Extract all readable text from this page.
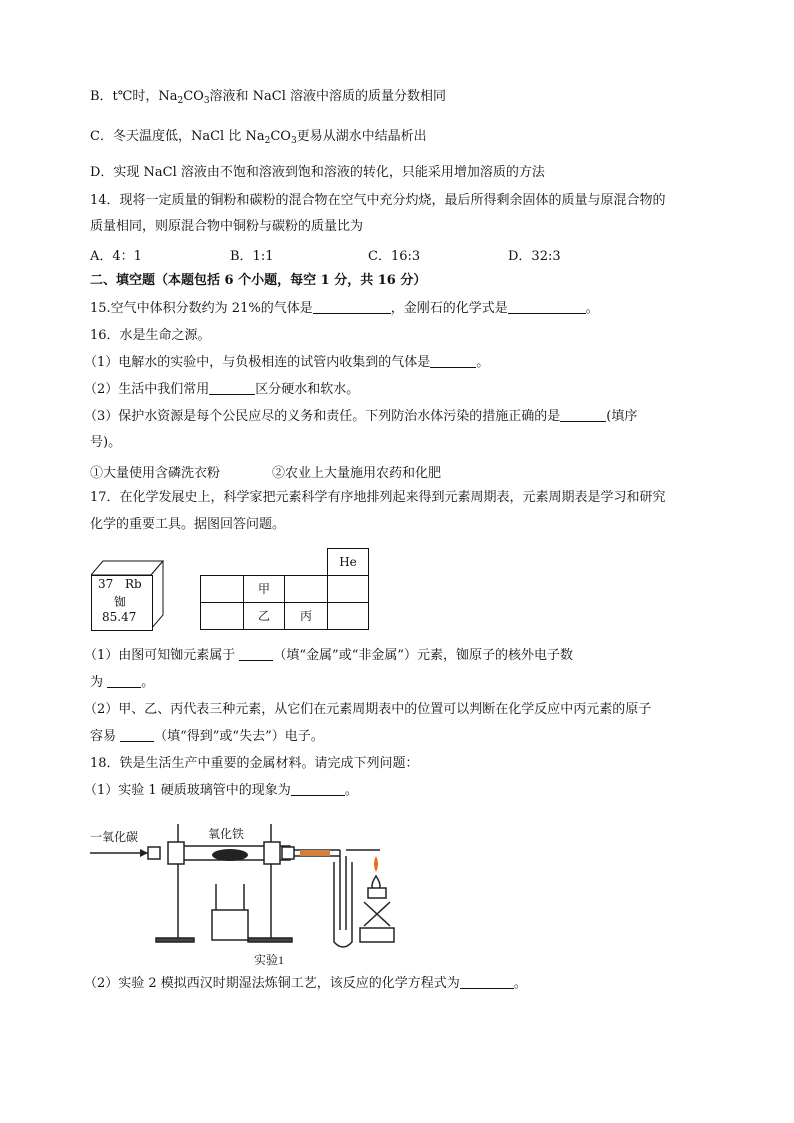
B．t℃时，$Na_2CO_3$溶液和 NaCl 溶液中溶质的质量分数相同
C．冬天温度低，NaCl 比 $Na_2CO_3$更易从湖水中结晶析出
D．实现 NaCl 溶液由不饱和溶液到饱和溶液的转化，只能采用增加溶质的方法
14．现将一定质量的铜粉和碳粉的混合物在空气中充分灼烧，最后所得剩余固体的质量与原混合物的
质量相同，则原混合物中铜粉与碳粉的质量比为
A．4：1	B．1:1	C．16:3	D．32:3
二、填空题（本题包括 6 个小题，每空 1 分，共 16 分）
15.空气中体积分数约为 21%的气体是	，金刚石的化学式是	。
16．水是生命之源。
（1）电解水的实验中，与负极相连的试管内收集到的气体是	。
（2）生活中我们常用	区分硬水和软水。
（3）保护水资源是每个公民应尽的义务和责任。下列防治水体污染的措施正确的是	(填序
号)。
①大量使用含磷洗衣粉	②农业上大量施用农药和化肥
17．在化学发展史上，科学家把元素科学有序地排列起来得到元素周期表，元素周期表是学习和研究
化学的重要工具。据图回答问题。
37 Rb
铷
85.47
He
甲
乙	丙
（1）由图可知铷元素属于	（填“金属”或“非金属”）元素，铷原子的核外电子数
为	。
（2）甲、乙、丙代表三种元素，从它们在元素周期表中的位置可以判断在化学反应中丙元素的原子
容易	（填“得到”或“失去”）电子。
18．铁是生活生产中重要的金属材料。请完成下列问题：
（1）实验 1 硬质玻璃管中的现象为	。
一氧化碳	氧化铁
实验1
（2）实验 2 模拟西汉时期湿法炼铜工艺，该反应的化学方程式为	。
